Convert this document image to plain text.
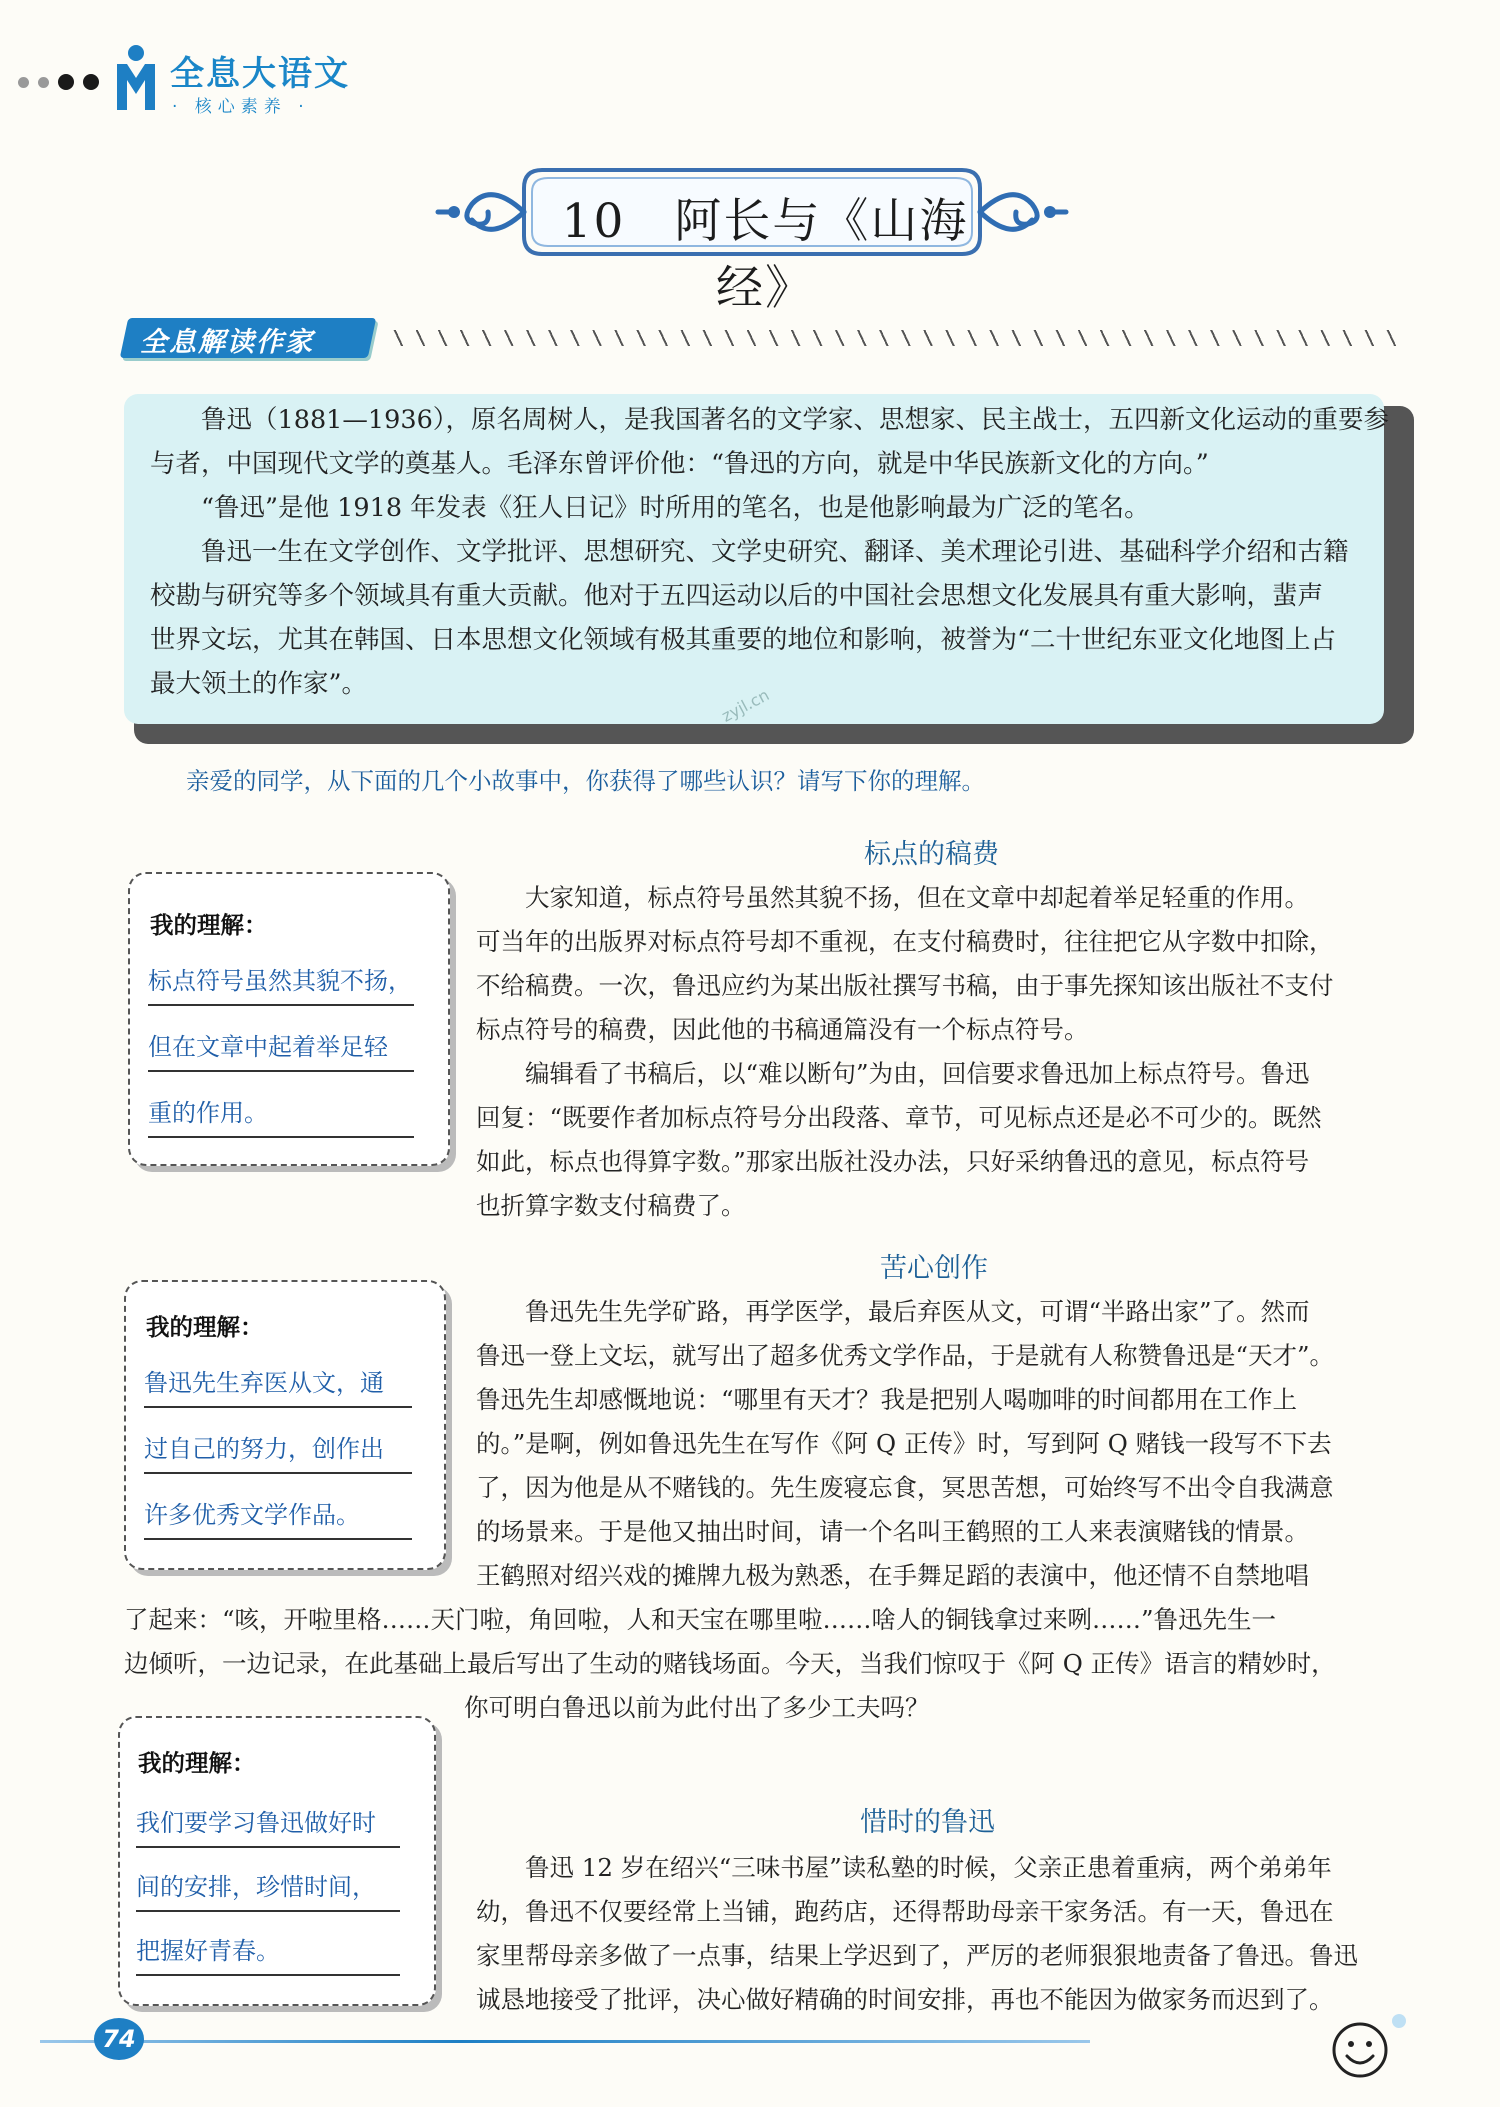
全息大语文
· 核心素养 ·
10　阿长与《山海经》
全息解读作家

　　鲁迅（1881—1936），原名周树人，是我国著名的文学家、思想家、民主战士，五四新文化运动的重要参

与者，中国现代文学的奠基人。毛泽东曾评价他：“鲁迅的方向，就是中华民族新文化的方向。”

　　“鲁迅”是他 1918 年发表《狂人日记》时所用的笔名，也是他影响最为广泛的笔名。

　　鲁迅一生在文学创作、文学批评、思想研究、文学史研究、翻译、美术理论引进、基础科学介绍和古籍

校勘与研究等多个领域具有重大贡献。他对于五四运动以后的中国社会思想文化发展具有重大影响，蜚声

世界文坛，尤其在韩国、日本思想文化领域有极其重要的地位和影响，被誉为“二十世纪东亚文化地图上占

最大领土的作家”。

zyjl.cn
亲爱的同学，从下面的几个小故事中，你获得了哪些认识？请写下你的理解。
标点的稿费
　　大家知道，标点符号虽然其貌不扬，但在文章中却起着举足轻重的作用。
可当年的出版界对标点符号却不重视，在支付稿费时，往往把它从字数中扣除，
不给稿费。一次，鲁迅应约为某出版社撰写书稿，由于事先探知该出版社不支付
标点符号的稿费，因此他的书稿通篇没有一个标点符号。
　　编辑看了书稿后，以“难以断句”为由，回信要求鲁迅加上标点符号。鲁迅
回复：“既要作者加标点符号分出段落、章节，可见标点还是必不可少的。既然
如此，标点也得算字数。”那家出版社没办法，只好采纳鲁迅的意见，标点符号
也折算字数支付稿费了。
我的理解：
标点符号虽然其貌不扬，
但在文章中起着举足轻
重的作用。
苦心创作
　　鲁迅先生先学矿路，再学医学，最后弃医从文，可谓“半路出家”了。然而
鲁迅一登上文坛，就写出了超多优秀文学作品，于是就有人称赞鲁迅是“天才”。
鲁迅先生却感慨地说：“哪里有天才？我是把别人喝咖啡的时间都用在工作上
的。”是啊，例如鲁迅先生在写作《阿 Q 正传》时，写到阿 Q 赌钱一段写不下去
了，因为他是从不赌钱的。先生废寝忘食，冥思苦想，可始终写不出令自我满意
的场景来。于是他又抽出时间，请一个名叫王鹤照的工人来表演赌钱的情景。
王鹤照对绍兴戏的摊牌九极为熟悉，在手舞足蹈的表演中，他还情不自禁地唱
了起来：“咳，开啦里格……天门啦，角回啦，人和天宝在哪里啦……啥人的铜钱拿过来咧……”鲁迅先生一
边倾听，一边记录，在此基础上最后写出了生动的赌钱场面。今天，当我们惊叹于《阿 Q 正传》语言的精妙时，
你可明白鲁迅以前为此付出了多少工夫吗？
我的理解：
鲁迅先生弃医从文，通
过自己的努力，创作出
许多优秀文学作品。
我的理解：
我们要学习鲁迅做好时
间的安排，珍惜时间，
把握好青春。
惜时的鲁迅
　　鲁迅 12 岁在绍兴“三味书屋”读私塾的时候，父亲正患着重病，两个弟弟年
幼，鲁迅不仅要经常上当铺，跑药店，还得帮助母亲干家务活。有一天，鲁迅在
家里帮母亲多做了一点事，结果上学迟到了，严厉的老师狠狠地责备了鲁迅。鲁迅
诚恳地接受了批评，决心做好精确的时间安排，再也不能因为做家务而迟到了。
74
